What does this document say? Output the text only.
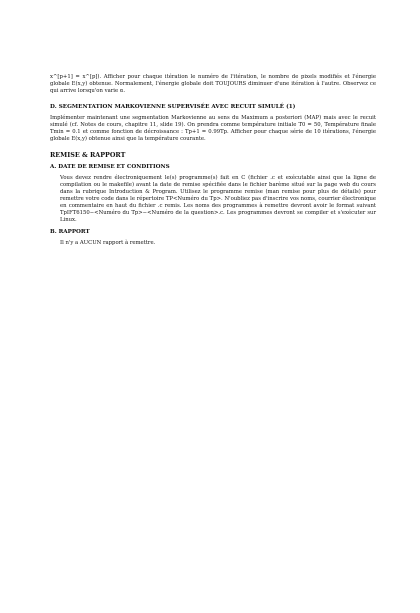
x^[p+1] = x^[p]). Afficher pour chaque itération le numéro de l'itération, le nombre de pixels modifiés et l'énergie globale E(x,y) obtenue. Normalement, l'énergie globale doit TOUJOURS diminuer d'une itération à l'autre. Observez ce qui arrive lorsqu'on varie α.

D. SEGMENTATION MARKOVIENNE SUPERVISÉE AVEC RECUIT SIMULÉ (1)

Implémenter maintenant une segmentation Markovienne au sens du Maximum a posteriori (MAP) mais avec le recuit simulé (cf. Notes de cours, chapitre 11, slide 19). On prendra comme température initiale T0 = 50, Température finale Tmin = 0.1 et comme fonction de décroissance : Tp+1 = 0.99Tp. Afficher pour chaque série de 10 itérations, l'énergie globale E(x,y) obtenue ainsi que la température courante.

REMISE & RAPPORT
A. DATE DE REMISE ET CONDITIONS

Vous devez rendre électroniquement le(s) programme(s) fait en C (fichier .c et exécutable ainsi que la ligne de compilation ou le makefile) avant la date de remise spécifiée dans le fichier barème situé sur la page web du cours dans la rubrique Introduction & Program. Utilisez le programme remise (man remise pour plus de détails) pour remettre votre code dans le répertoire TP<Numéro du Tp>. N'oubliez pas d'inscrire vos noms, courrier électronique en commentaire en haut du fichier .c remis. Les noms des programmes à remettre devront avoir le format suivant TpIFT6150−<Numéro du Tp>−<Numéro de la question>.c. Les programmes devront se compiler et s'exécuter sur Linux.

B. RAPPORT

Il n'y a AUCUN rapport à remettre.
